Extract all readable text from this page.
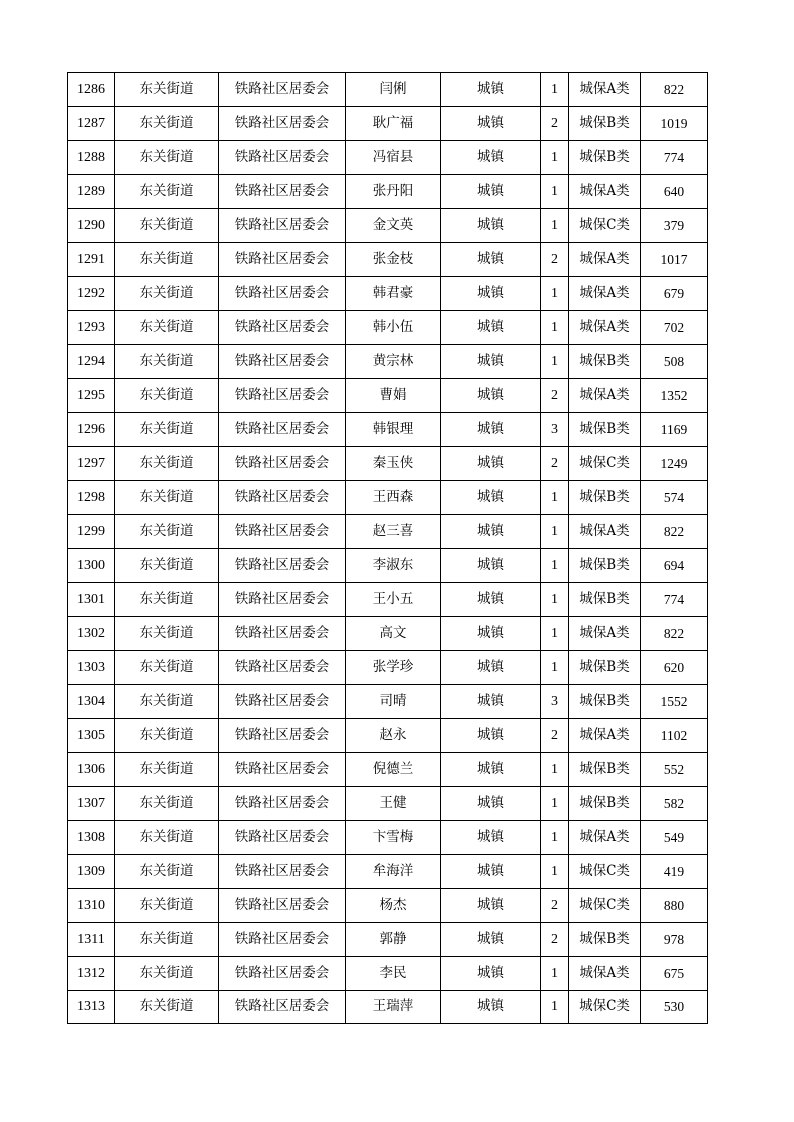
1286	东关街道	铁路社区居委会	闫俐	城镇	1	城保A类	822
1287	东关街道	铁路社区居委会	耿广福	城镇	2	城保B类	1019
1288	东关街道	铁路社区居委会	冯宿县	城镇	1	城保B类	774
1289	东关街道	铁路社区居委会	张丹阳	城镇	1	城保A类	640
1290	东关街道	铁路社区居委会	金文英	城镇	1	城保C类	379
1291	东关街道	铁路社区居委会	张金枝	城镇	2	城保A类	1017
1292	东关街道	铁路社区居委会	韩君豪	城镇	1	城保A类	679
1293	东关街道	铁路社区居委会	韩小伍	城镇	1	城保A类	702
1294	东关街道	铁路社区居委会	黄宗林	城镇	1	城保B类	508
1295	东关街道	铁路社区居委会	曹娟	城镇	2	城保A类	1352
1296	东关街道	铁路社区居委会	韩银理	城镇	3	城保B类	1169
1297	东关街道	铁路社区居委会	秦玉侠	城镇	2	城保C类	1249
1298	东关街道	铁路社区居委会	王西森	城镇	1	城保B类	574
1299	东关街道	铁路社区居委会	赵三喜	城镇	1	城保A类	822
1300	东关街道	铁路社区居委会	李淑东	城镇	1	城保B类	694
1301	东关街道	铁路社区居委会	王小五	城镇	1	城保B类	774
1302	东关街道	铁路社区居委会	高文	城镇	1	城保A类	822
1303	东关街道	铁路社区居委会	张学珍	城镇	1	城保B类	620
1304	东关街道	铁路社区居委会	司晴	城镇	3	城保B类	1552
1305	东关街道	铁路社区居委会	赵永	城镇	2	城保A类	1102
1306	东关街道	铁路社区居委会	倪德兰	城镇	1	城保B类	552
1307	东关街道	铁路社区居委会	王健	城镇	1	城保B类	582
1308	东关街道	铁路社区居委会	卞雪梅	城镇	1	城保A类	549
1309	东关街道	铁路社区居委会	牟海洋	城镇	1	城保C类	419
1310	东关街道	铁路社区居委会	杨杰	城镇	2	城保C类	880
1311	东关街道	铁路社区居委会	郭静	城镇	2	城保B类	978
1312	东关街道	铁路社区居委会	李民	城镇	1	城保A类	675
1313	东关街道	铁路社区居委会	王瑞萍	城镇	1	城保C类	530
